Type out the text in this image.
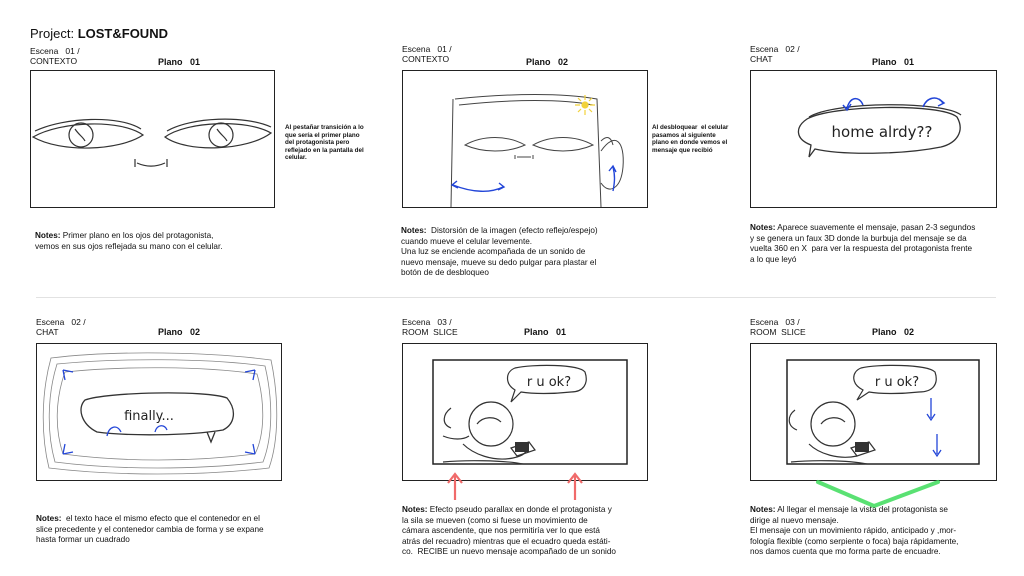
Project: LOST&FOUND
Escena   01 /
CONTEXTO	Plano   01
Al pestañar transición a lo
que sería el primer plano
del protagonista pero
reflejado en la pantalla del
celular.
Notes: Primer plano en los ojos del protagonista,
vemos en sus ojos reflejada su mano con el celular.
Escena   01 /
CONTEXTO	Plano   02
Al desbloquear  el celular
pasamos al siguiente
plano en donde vemos el
mensaje que recibió
Notes:  Distorsión de la imagen (efecto reflejo/espejo)
cuando mueve el celular levemente.
Una luz se enciende acompañada de un sonido de
nuevo mensaje, mueve su dedo pulgar para plastar el
botón de de desbloqueo
Escena   02 /
CHAT	Plano   01
home alrdy??
Notes: Aparece suavemente el mensaje, pasan 2-3 segundos
y se genera un faux 3D donde la burbuja del mensaje se da
vuelta 360 en X  para ver la respuesta del protagonista frente
a lo que leyó
Escena   02 /
CHAT	Plano   02
finally...
Notes:  el texto hace el mismo efecto que el contenedor en el
slice precedente y el contenedor cambia de forma y se expane
hasta formar un cuadrado
Escena   03 /
ROOM  SLICE	Plano   01
r u ok?
Notes: Efecto pseudo parallax en donde el protagonista y
la sila se mueven (como si fuese un movimiento de
cámara ascendente, que nos permitiría ver lo que está
atrás del recuadro) mientras que el ecuadro queda estáti-
co.  RECIBE un nuevo mensaje acompañado de un sonido
Escena   03 /
ROOM  SLICE	Plano   02
r u ok?
Notes: Al llegar el mensaje la vista del protagonista se
dirige al nuevo mensaje.
El mensaje con un movimiento rápido, anticipado y ,mor-
fología flexible (como serpiente o foca) baja rápidamente,
nos damos cuenta que mo forma parte de encuadre.
